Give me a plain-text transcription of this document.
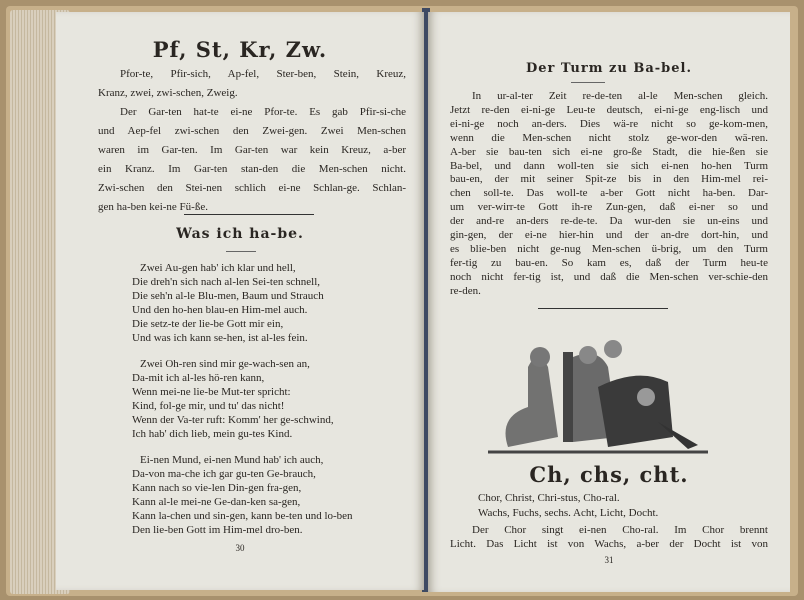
Pf, St, Kr, Zw.
Pfor-te, Pfir-sich, Ap-fel, Ster-ben, Stein, Kreuz,
Kranz, zwei, zwi-schen, Zweig.
Der Gar-ten hat-te ei-ne Pfor-te. Es gab Pfir-si-che
und Aep-fel zwi-schen den Zwei-gen. Zwei Men-schen
waren im Gar-ten. Im Gar-ten war kein Kreuz, a-ber
ein Kranz. Im Gar-ten stan-den die Men-schen nicht.
Zwi-schen den Stei-nen schlich ei-ne Schlan-ge. Schlan-
gen ha-ben kei-ne Fü-ße.
Was ich ha-be.
Zwei Au-gen hab' ich klar und hell,
Die dreh'n sich nach al-len Sei-ten schnell,
Die seh'n al-le Blu-men, Baum und Strauch
Und den ho-hen blau-en Him-mel auch.
Die setz-te der lie-be Gott mir ein,
Und was ich kann se-hen, ist al-les fein.
Zwei Oh-ren sind mir ge-wach-sen an,
Da-mit ich al-les hö-ren kann,
Wenn mei-ne lie-be Mut-ter spricht:
Kind, fol-ge mir, und tu' das nicht!
Wenn der Va-ter ruft: Komm' her ge-schwind,
Ich hab' dich lieb, mein gu-tes Kind.
Ei-nen Mund, ei-nen Mund hab' ich auch,
Da-von ma-che ich gar gu-ten Ge-brauch,
Kann nach so vie-len Din-gen fra-gen,
Kann al-le mei-ne Ge-dan-ken sa-gen,
Kann la-chen und sin-gen, kann be-ten und lo-ben
Den lie-ben Gott im Him-mel dro-ben.
30
Der Turm zu Ba-bel.
In ur-al-ter Zeit re-de-ten al-le Men-schen gleich.
Jetzt re-den ei-ni-ge Leu-te deutsch, ei-ni-ge eng-lisch und
ei-ni-ge noch an-ders. Dies wä-re nicht so ge-kom-men,
wenn die Men-schen nicht stolz ge-wor-den wä-ren.
A-ber sie bau-ten sich ei-ne gro-ße Stadt, die hie-ßen sie
Ba-bel, und dann woll-ten sie sich ei-nen ho-hen Turm
bau-en, der mit seiner Spit-ze bis in den Him-mel rei-
chen soll-te. Das woll-te a-ber Gott nicht ha-ben. Dar-
um ver-wirr-te Gott ih-re Zun-gen, daß ei-ner so und
der and-re an-ders re-de-te. Da wur-den sie un-eins und
gin-gen, der ei-ne hier-hin und der an-dre dort-hin, und
es blie-ben nicht ge-nug Men-schen ü-brig, um den Turm
fer-tig zu bau-en. So kam es, daß der Turm heu-te
noch nicht fer-tig ist, und daß die Men-schen ver-schie-den
re-den.
Ch, chs, cht.
Chor, Christ, Chri-stus, Cho-ral.
Wachs, Fuchs, sechs. Acht, Licht, Docht.
Der Chor singt ei-nen Cho-ral. Im Chor brennt
Licht. Das Licht ist von Wachs, a-ber der Docht ist von
31
